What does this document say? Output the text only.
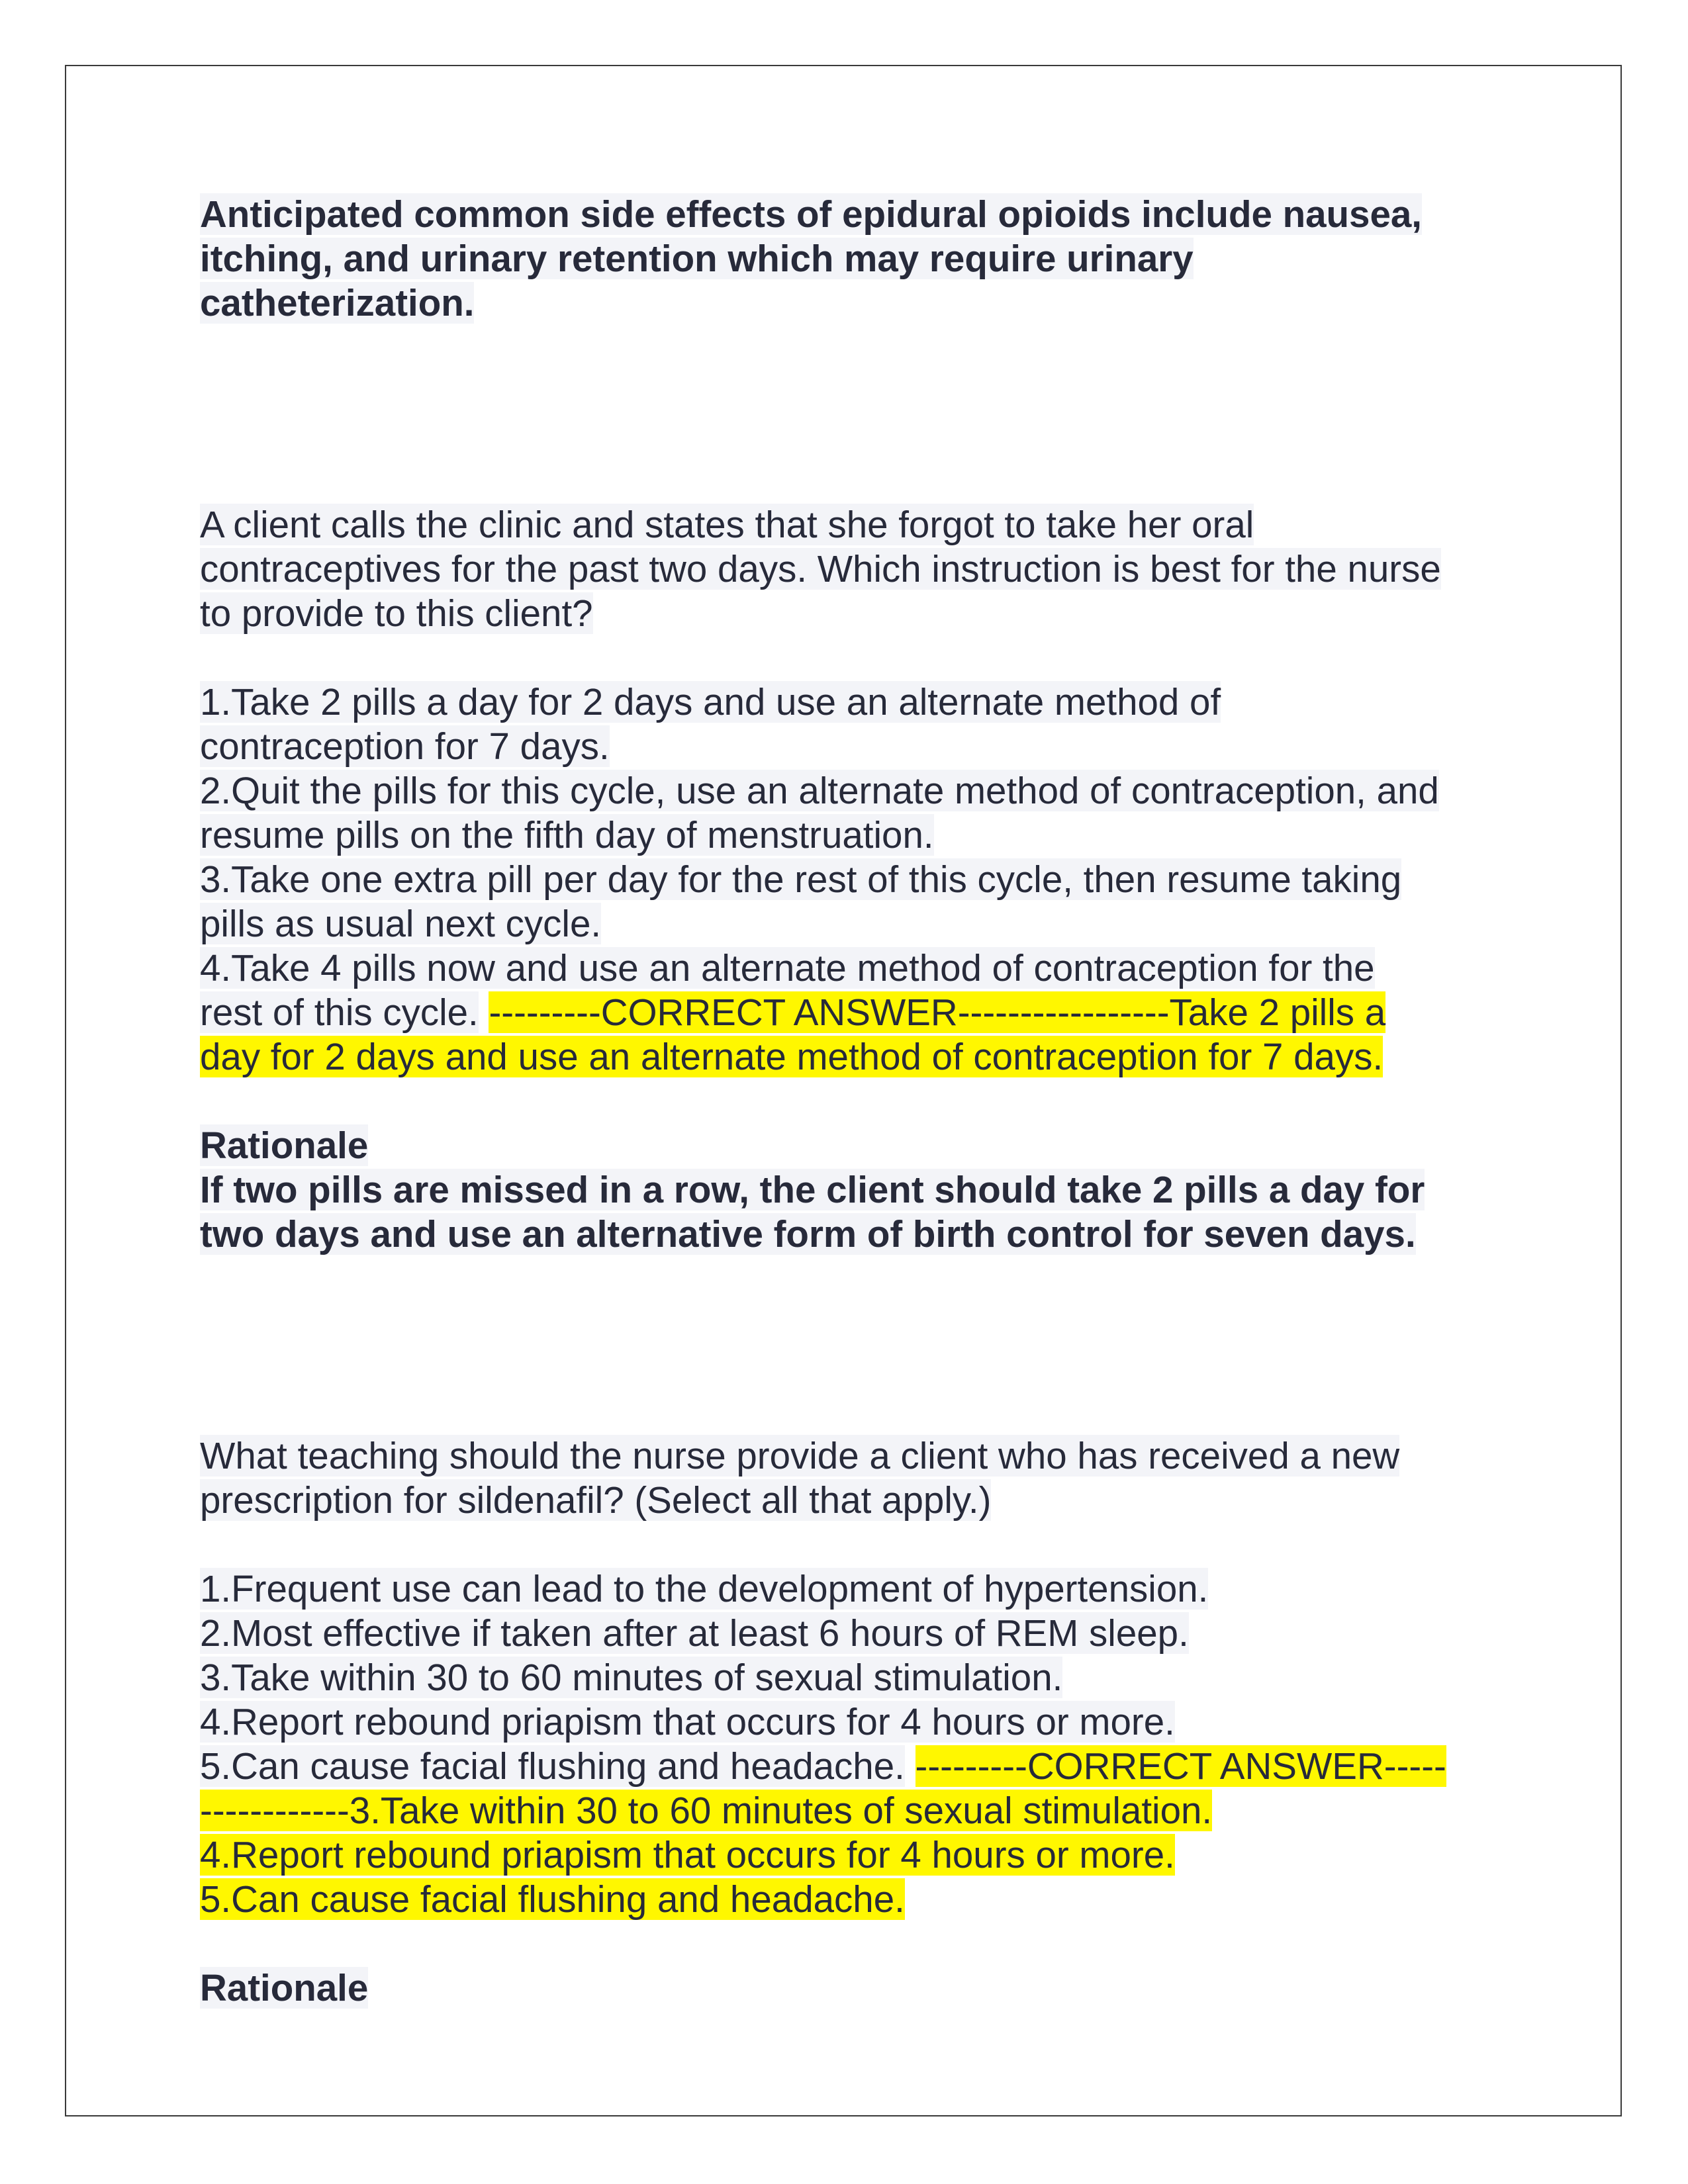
Anticipated common side effects of epidural opioids include nausea,
itching, and urinary retention which may require urinary
catheterization.
A client calls the clinic and states that she forgot to take her oral
contraceptives for the past two days. Which instruction is best for the nurse
to provide to this client?
1.Take 2 pills a day for 2 days and use an alternate method of
contraception for 7 days.
2.Quit the pills for this cycle, use an alternate method of contraception, and
resume pills on the fifth day of menstruation.
3.Take one extra pill per day for the rest of this cycle, then resume taking
pills as usual next cycle.
4.Take 4 pills now and use an alternate method of contraception for the
rest of this cycle. ---------CORRECT ANSWER-----------------Take 2 pills a
day for 2 days and use an alternate method of contraception for 7 days.
Rationale
If two pills are missed in a row, the client should take 2 pills a day for
two days and use an alternative form of birth control for seven days.
What teaching should the nurse provide a client who has received a new
prescription for sildenafil? (Select all that apply.)
1.Frequent use can lead to the development of hypertension.
2.Most effective if taken after at least 6 hours of REM sleep.
3.Take within 30 to 60 minutes of sexual stimulation.
4.Report rebound priapism that occurs for 4 hours or more.
5.Can cause facial flushing and headache. ---------CORRECT ANSWER-----
------------3.Take within 30 to 60 minutes of sexual stimulation.
4.Report rebound priapism that occurs for 4 hours or more.
5.Can cause facial flushing and headache.
Rationale
